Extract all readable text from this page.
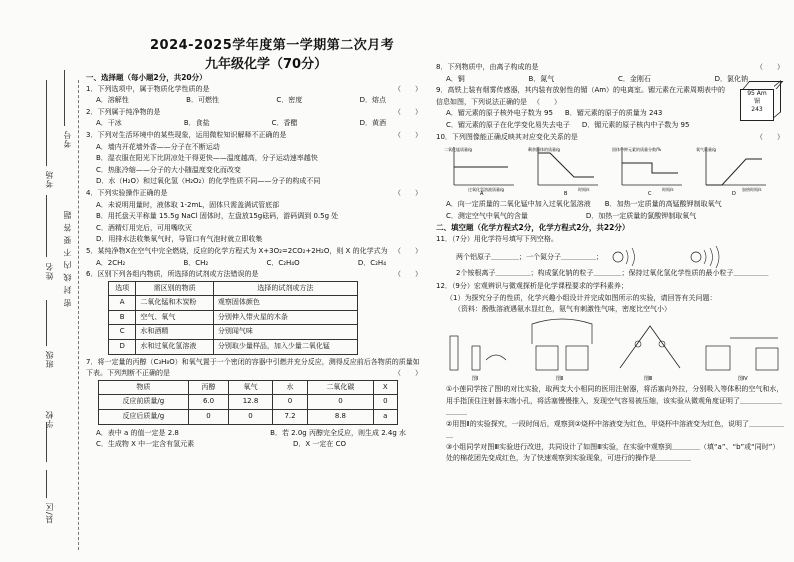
考号
考场
密 封 线 内 不 要 答 题
姓名
班级
学校
县/区
2024-2025学年度第一学期第二次月考
九年级化学（70分）
一、选择题（每小题2分，共20分）
1．下列选项中，属于物质化学性质的是	（　　）
A．溶解性	B．可燃性	C．密度	D．熔点
2．下列属于纯净物的是	（　　）
A．干冰	B．食盐	C．香醋	D．黄酒
3．下列对生活环境中的某些现象，运用微粒知识解释不正确的是	（　　）
A．墙内开花墙外香——分子在不断运动
B．湿衣服在阳光下比阴凉处干得更快——温度越高，分子运动速率越快
C．热胀冷缩——分子的大小随温度变化而改变
D．水（H₂O）和过氧化氢（H₂O₂）的化学性质不同——分子的构成不同
4．下列实验操作正确的是	（　　）
A．未说明用量时，液体取 1-2mL，固体只需盖满试管底部
B．用托盘天平称量 15.5g NaCl 固体时，左盘放15g砝码，游码调到 0.5g 处
C．酒精灯用完后，可用嘴吹灭
D．用排水法收集氧气时，导管口有气泡时就立即收集
5．某纯净物X在空气中完全燃烧，反应的化学方程式为 X+3O₂=2CO₂+2H₂O，则 X 的化学式为 （　　）
A．2CH₂	B．CH₂	C．C₂H₄O	D．C₂H₄
6．区别下列各组内物质，所选择的试剂或方法错误的是	（　　）
选项	需区别的物质	选择的试剂或方法
A	二氧化锰和木炭粉	观察固体颜色
B	空气、氧气	分别伸入带火星的木条
C	水和酒精	分别闻气味
D	水和过氧化氢溶液	分别取少量样品，加入少量二氧化锰
7．将一定量的丙醇（C₃H₈O）和氧气置于一个密闭的容器中引燃并充分反应，测得反应前后各物质的质量如下表。下列判断不正确的是	（　　）
物质	丙醇	氧气	水	二氧化碳	X
反应前质量/g	6.0	12.8	0	0	0
反应后质量/g	0	0	7.2	8.8	a
A．表中 a 的值一定是 2.8	B．若 2.0g 丙醇完全反应，则生成 2.4g 水
C．生成物 X 中一定含有氢元素	D．X 一定在 CO
8．下列物质中，由离子构成的是	（　　）
A．铜	B．氮气	C．金刚石	D．氯化钠
9．高铁上装有烟雾传感器，其内装有放射性的镅（Am）的电离室。镅元素在元素周期表中的信息如图，下列说法正确的是 （　　）
A．镅元素的原子核外电子数为 95 B．镅元素的原子的质量为 243
C．镅元素的原子在化学变化易失去电子 D．镅元素的原子核内中子数为 95
95 Am
镅
243
10．下列图像能正确反映其对应变化关系的是	（　　）
二氧化锰质量/g
过氧化氢溶液质量/g
A
剩余固体的质量/g
时间/s
B
固体中钾元素的质量分数/%
时间/s
C
氧气质量/g
加热时间/s
D
A．向一定质量的二氧化锰中加入过氧化氢溶液 B．加热一定质量的高锰酸钾制取氧气
C．测定空气中氧气的含量	D．加热一定质量的氯酸钾制取氧气
二、填空题（化学方程式2分，化学方程式2分，共22分）
11．（7分）用化学符号填写下列空格。
两个铝原子＿＿＿＿；一个氮分子＿＿＿＿＿；
2个铵根离子＿＿＿＿＿；构成氯化钠的粒子＿＿＿＿；保持过氧化氢化学性质的最小粒子＿＿＿＿＿
12．（9分）宏观辨识与微观探析是化学课程要求的学科素养；
（1）为探究分子的性质，化学兴趣小组设计并完成如图所示的实验，请回答有关问题：
（资料：酚酞溶液遇氨水显红色，氨气有刺激性气味，密度比空气小）
图Ⅰ	图Ⅱ	图Ⅲ	图Ⅳ
①小莲同学按了图Ⅰ的对比实验，取两支大小相同的医用注射器，将活塞向外拉，分别吸入等体积的空气和水，用手指顶住注射器末端小孔，将活塞慢慢推入，发现空气容易被压缩，该实验从微观角度证明了＿＿＿＿＿＿＿＿＿
②用图Ⅱ的实验探究，一段时间后，观察到②烧杯中溶液变为红色，甲烧杯中溶液变为红色，说明了＿＿＿＿＿＿
③小组同学对图Ⅲ实验进行改进，共同设计了如图Ⅲ实验，在实验中观察到＿＿＿＿（填“a”、“b”或“同时”）处的棉花团先变成红色，为了快速观察到实验现象，可进行的操作是＿＿＿＿＿
